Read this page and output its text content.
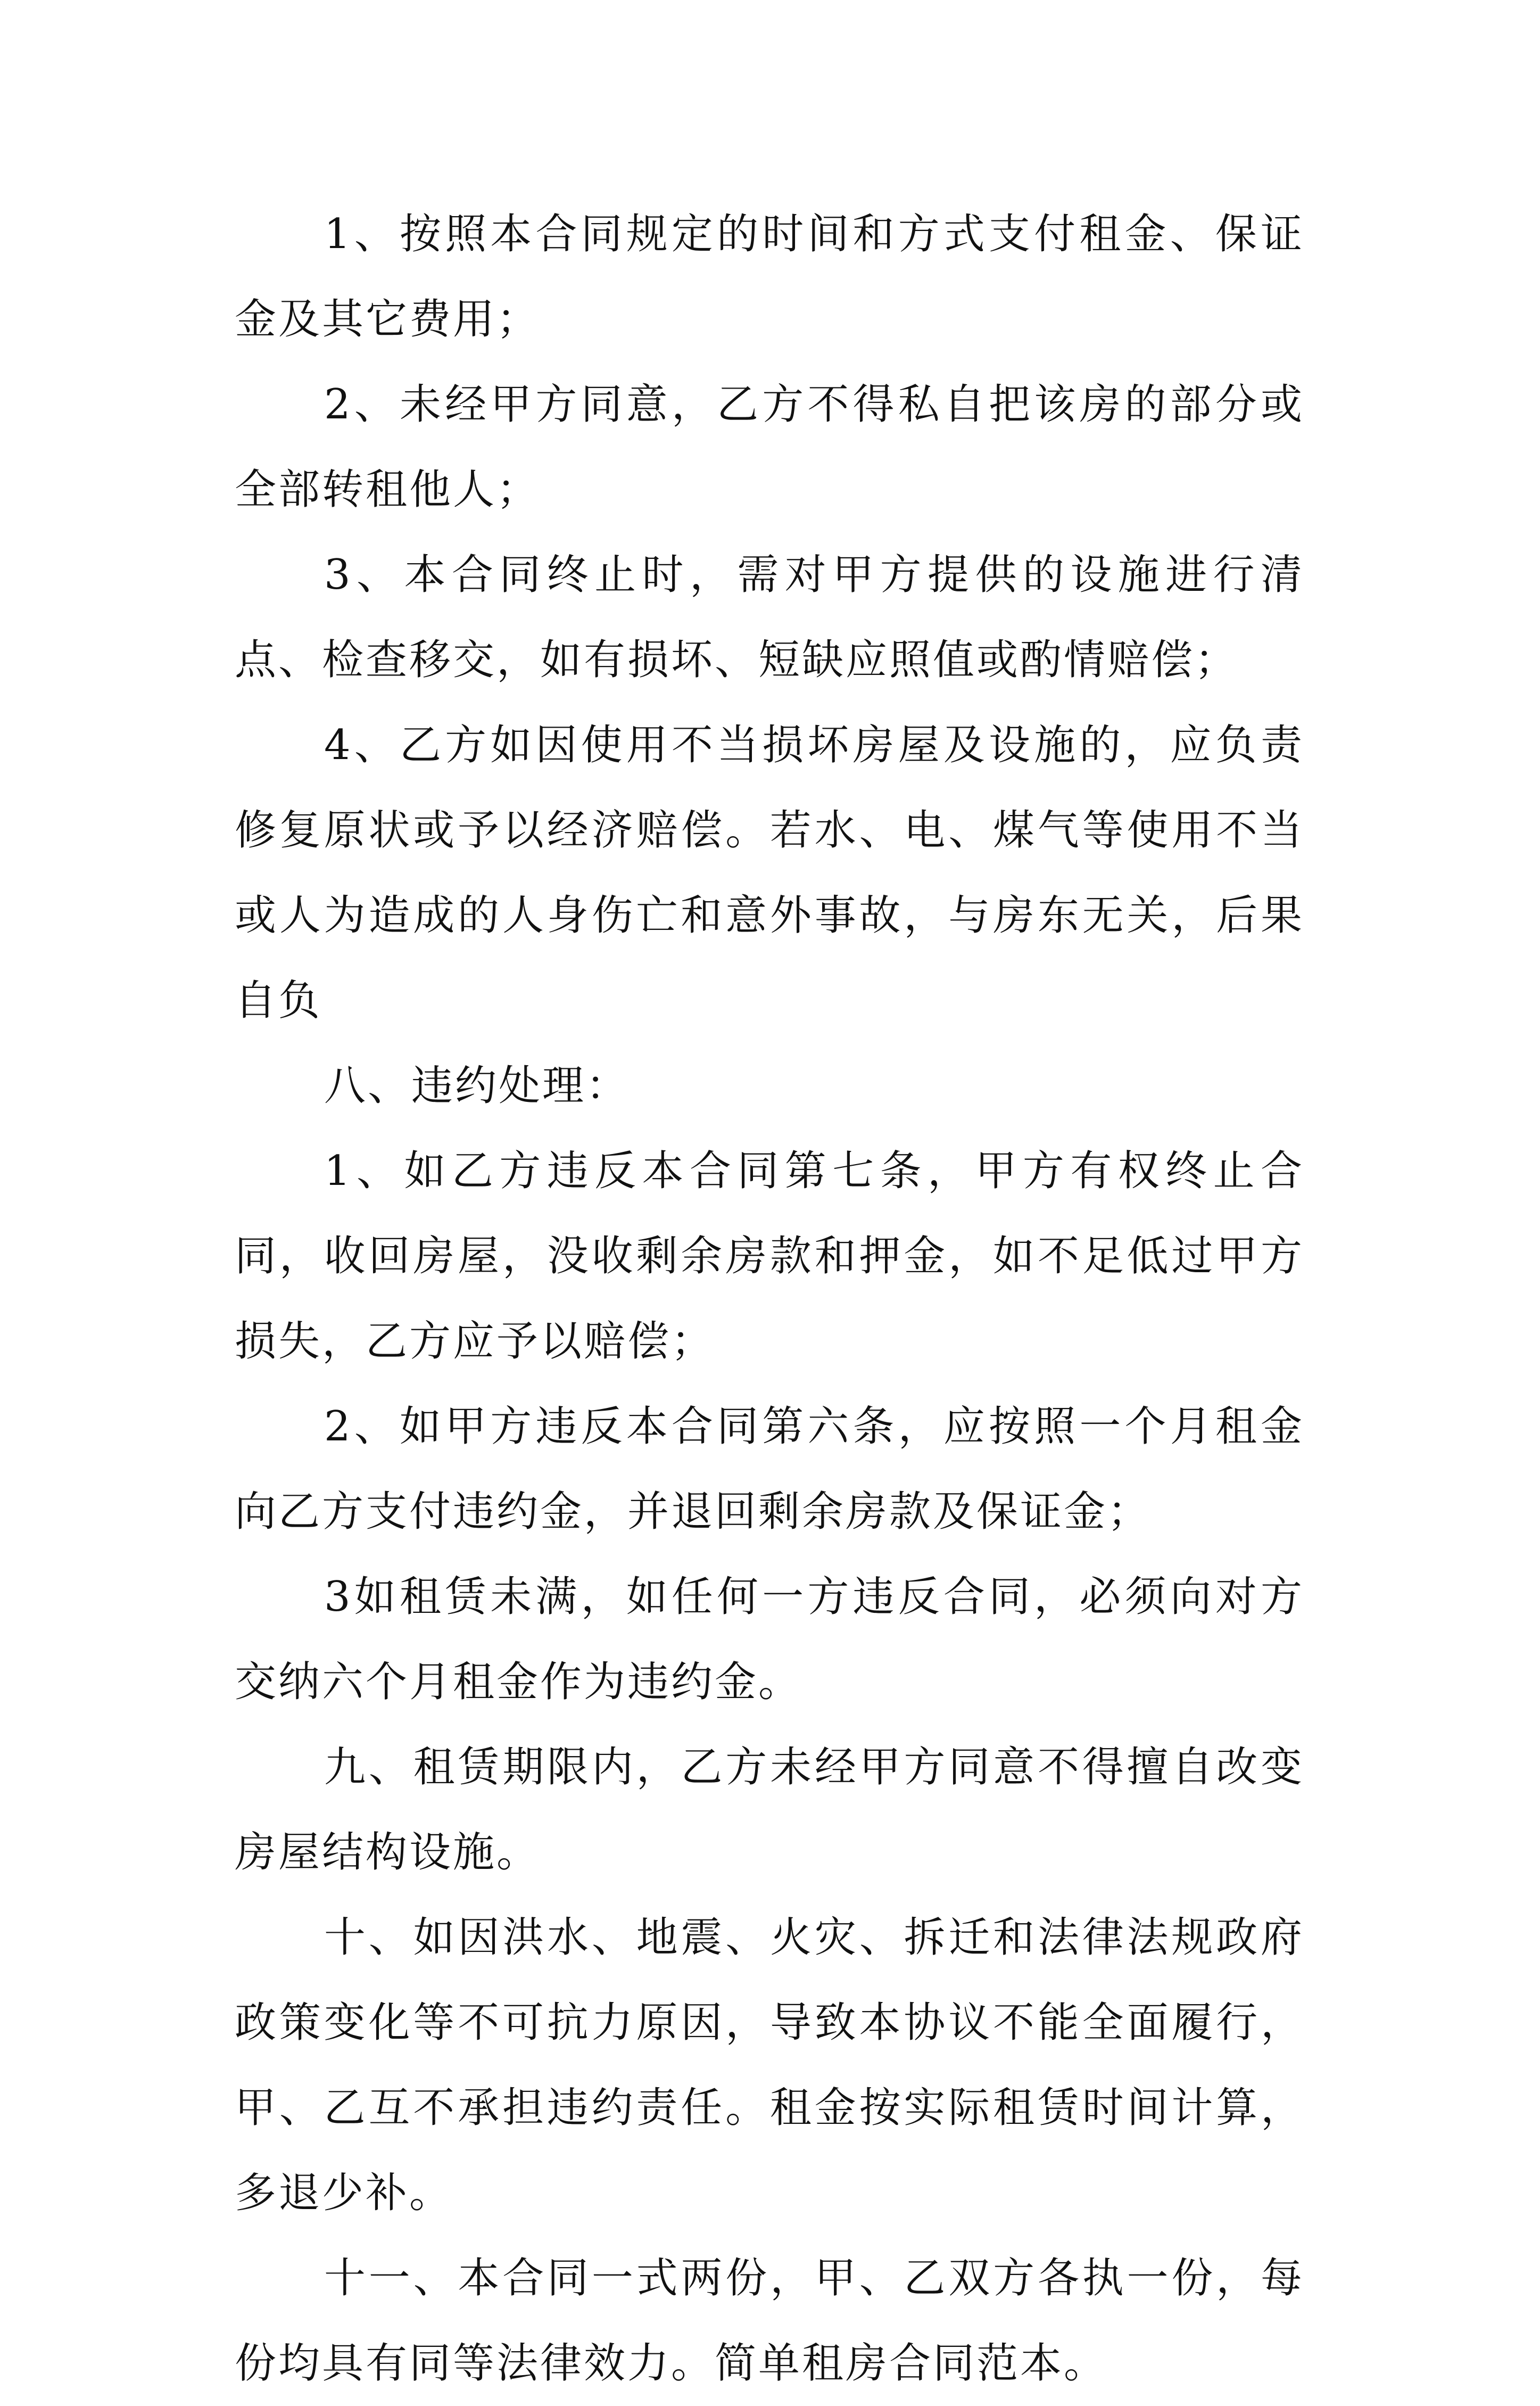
1、按照本合同规定的时间和方式支付租金、保证金及其它费用；

2、未经甲方同意，乙方不得私自把该房的部分或全部转租他人；

3、本合同终止时，需对甲方提供的设施进行清点、检查移交，如有损坏、短缺应照值或酌情赔偿；

4、乙方如因使用不当损坏房屋及设施的，应负责修复原状或予以经济赔偿。若水、电、煤气等使用不当或人为造成的人身伤亡和意外事故，与房东无关，后果自负

八、违约处理：

1、如乙方违反本合同第七条，甲方有权终止合同，收回房屋，没收剩余房款和押金，如不足低过甲方损失，乙方应予以赔偿；

2、如甲方违反本合同第六条，应按照一个月租金向乙方支付违约金，并退回剩余房款及保证金；

3如租赁未满，如任何一方违反合同，必须向对方交纳六个月租金作为违约金。

九、租赁期限内，乙方未经甲方同意不得擅自改变房屋结构设施。

十、如因洪水、地震、火灾、拆迁和法律法规政府政策变化等不可抗力原因，导致本协议不能全面履行，甲、乙互不承担违约责任。租金按实际租赁时间计算，多退少补。

十一、本合同一式两份，甲、乙双方各执一份，每份均具有同等法律效力。简单租房合同范本。
